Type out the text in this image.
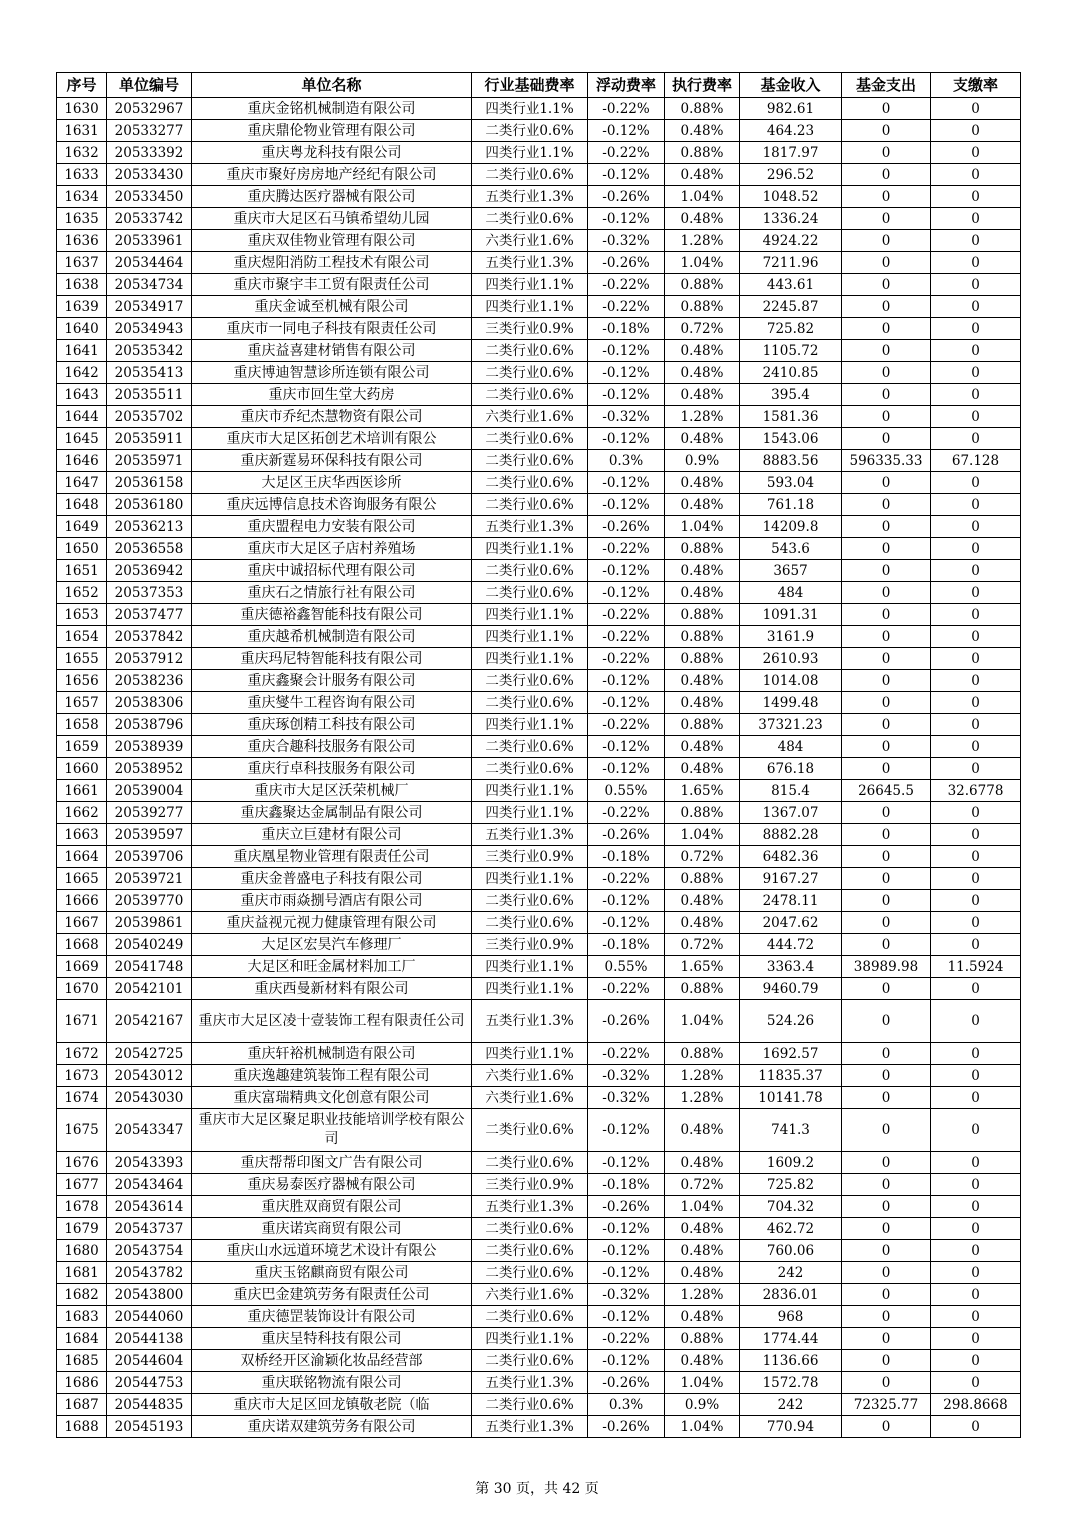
序号	单位编号	单位名称	行业基础费率	浮动费率	执行费率	基金收入	基金支出	支缴率
1630	20532967	重庆金铭机械制造有限公司	四类行业1.1%	-0.22%	0.88%	982.61	0	0
1631	20533277	重庆鼎伦物业管理有限公司	二类行业0.6%	-0.12%	0.48%	464.23	0	0
1632	20533392	重庆粤龙科技有限公司	四类行业1.1%	-0.22%	0.88%	1817.97	0	0
1633	20533430	重庆市聚好房房地产经纪有限公司	二类行业0.6%	-0.12%	0.48%	296.52	0	0
1634	20533450	重庆腾达医疗器械有限公司	五类行业1.3%	-0.26%	1.04%	1048.52	0	0
1635	20533742	重庆市大足区石马镇希望幼儿园	二类行业0.6%	-0.12%	0.48%	1336.24	0	0
1636	20533961	重庆双佳物业管理有限公司	六类行业1.6%	-0.32%	1.28%	4924.22	0	0
1637	20534464	重庆煜阳消防工程技术有限公司	五类行业1.3%	-0.26%	1.04%	7211.96	0	0
1638	20534734	重庆市聚宇丰工贸有限责任公司	四类行业1.1%	-0.22%	0.88%	443.61	0	0
1639	20534917	重庆金诚至机械有限公司	四类行业1.1%	-0.22%	0.88%	2245.87	0	0
1640	20534943	重庆市一同电子科技有限责任公司	三类行业0.9%	-0.18%	0.72%	725.82	0	0
1641	20535342	重庆益喜建材销售有限公司	二类行业0.6%	-0.12%	0.48%	1105.72	0	0
1642	20535413	重庆博迪智慧诊所连锁有限公司	二类行业0.6%	-0.12%	0.48%	2410.85	0	0
1643	20535511	重庆市回生堂大药房	二类行业0.6%	-0.12%	0.48%	395.4	0	0
1644	20535702	重庆市乔纪杰慧物资有限公司	六类行业1.6%	-0.32%	1.28%	1581.36	0	0
1645	20535911	重庆市大足区拓创艺术培训有限公	二类行业0.6%	-0.12%	0.48%	1543.06	0	0
1646	20535971	重庆新霆易环保科技有限公司	二类行业0.6%	0.3%	0.9%	8883.56	596335.33	67.128
1647	20536158	大足区王庆华西医诊所	二类行业0.6%	-0.12%	0.48%	593.04	0	0
1648	20536180	重庆远博信息技术咨询服务有限公	二类行业0.6%	-0.12%	0.48%	761.18	0	0
1649	20536213	重庆盟程电力安装有限公司	五类行业1.3%	-0.26%	1.04%	14209.8	0	0
1650	20536558	重庆市大足区子店村养殖场	四类行业1.1%	-0.22%	0.88%	543.6	0	0
1651	20536942	重庆中诚招标代理有限公司	二类行业0.6%	-0.12%	0.48%	3657	0	0
1652	20537353	重庆石之情旅行社有限公司	二类行业0.6%	-0.12%	0.48%	484	0	0
1653	20537477	重庆德裕鑫智能科技有限公司	四类行业1.1%	-0.22%	0.88%	1091.31	0	0
1654	20537842	重庆越希机械制造有限公司	四类行业1.1%	-0.22%	0.88%	3161.9	0	0
1655	20537912	重庆玛尼特智能科技有限公司	四类行业1.1%	-0.22%	0.88%	2610.93	0	0
1656	20538236	重庆鑫聚会计服务有限公司	二类行业0.6%	-0.12%	0.48%	1014.08	0	0
1657	20538306	重庆燮牛工程咨询有限公司	二类行业0.6%	-0.12%	0.48%	1499.48	0	0
1658	20538796	重庆琢创精工科技有限公司	四类行业1.1%	-0.22%	0.88%	37321.23	0	0
1659	20538939	重庆合趣科技服务有限公司	二类行业0.6%	-0.12%	0.48%	484	0	0
1660	20538952	重庆行卓科技服务有限公司	二类行业0.6%	-0.12%	0.48%	676.18	0	0
1661	20539004	重庆市大足区沃荣机械厂	四类行业1.1%	0.55%	1.65%	815.4	26645.5	32.6778
1662	20539277	重庆鑫聚达金属制品有限公司	四类行业1.1%	-0.22%	0.88%	1367.07	0	0
1663	20539597	重庆立巨建材有限公司	五类行业1.3%	-0.26%	1.04%	8882.28	0	0
1664	20539706	重庆凰星物业管理有限责任公司	三类行业0.9%	-0.18%	0.72%	6482.36	0	0
1665	20539721	重庆金普盛电子科技有限公司	四类行业1.1%	-0.22%	0.88%	9167.27	0	0
1666	20539770	重庆市雨焱捌号酒店有限公司	二类行业0.6%	-0.12%	0.48%	2478.11	0	0
1667	20539861	重庆益视元视力健康管理有限公司	二类行业0.6%	-0.12%	0.48%	2047.62	0	0
1668	20540249	大足区宏昊汽车修理厂	三类行业0.9%	-0.18%	0.72%	444.72	0	0
1669	20541748	大足区和旺金属材料加工厂	四类行业1.1%	0.55%	1.65%	3363.4	38989.98	11.5924
1670	20542101	重庆西曼新材料有限公司	四类行业1.1%	-0.22%	0.88%	9460.79	0	0
1671	20542167	重庆市大足区凌十壹装饰工程有限责任公司	五类行业1.3%	-0.26%	1.04%	524.26	0	0
1672	20542725	重庆轩裕机械制造有限公司	四类行业1.1%	-0.22%	0.88%	1692.57	0	0
1673	20543012	重庆逸趣建筑装饰工程有限公司	六类行业1.6%	-0.32%	1.28%	11835.37	0	0
1674	20543030	重庆富瑞精典文化创意有限公司	六类行业1.6%	-0.32%	1.28%	10141.78	0	0
1675	20543347	重庆市大足区聚足职业技能培训学校有限公司	二类行业0.6%	-0.12%	0.48%	741.3	0	0
1676	20543393	重庆帮帮印图文广告有限公司	二类行业0.6%	-0.12%	0.48%	1609.2	0	0
1677	20543464	重庆易泰医疗器械有限公司	三类行业0.9%	-0.18%	0.72%	725.82	0	0
1678	20543614	重庆胜双商贸有限公司	五类行业1.3%	-0.26%	1.04%	704.32	0	0
1679	20543737	重庆诺宾商贸有限公司	二类行业0.6%	-0.12%	0.48%	462.72	0	0
1680	20543754	重庆山水远道环境艺术设计有限公	二类行业0.6%	-0.12%	0.48%	760.06	0	0
1681	20543782	重庆玉铭麒商贸有限公司	二类行业0.6%	-0.12%	0.48%	242	0	0
1682	20543800	重庆巴金建筑劳务有限责任公司	六类行业1.6%	-0.32%	1.28%	2836.01	0	0
1683	20544060	重庆德罡装饰设计有限公司	二类行业0.6%	-0.12%	0.48%	968	0	0
1684	20544138	重庆呈特科技有限公司	四类行业1.1%	-0.22%	0.88%	1774.44	0	0
1685	20544604	双桥经开区渝颖化妆品经营部	二类行业0.6%	-0.12%	0.48%	1136.66	0	0
1686	20544753	重庆联铭物流有限公司	五类行业1.3%	-0.26%	1.04%	1572.78	0	0
1687	20544835	重庆市大足区回龙镇敬老院（临	二类行业0.6%	0.3%	0.9%	242	72325.77	298.8668
1688	20545193	重庆诺双建筑劳务有限公司	五类行业1.3%	-0.26%	1.04%	770.94	0	0
第 30 页，共 42 页
